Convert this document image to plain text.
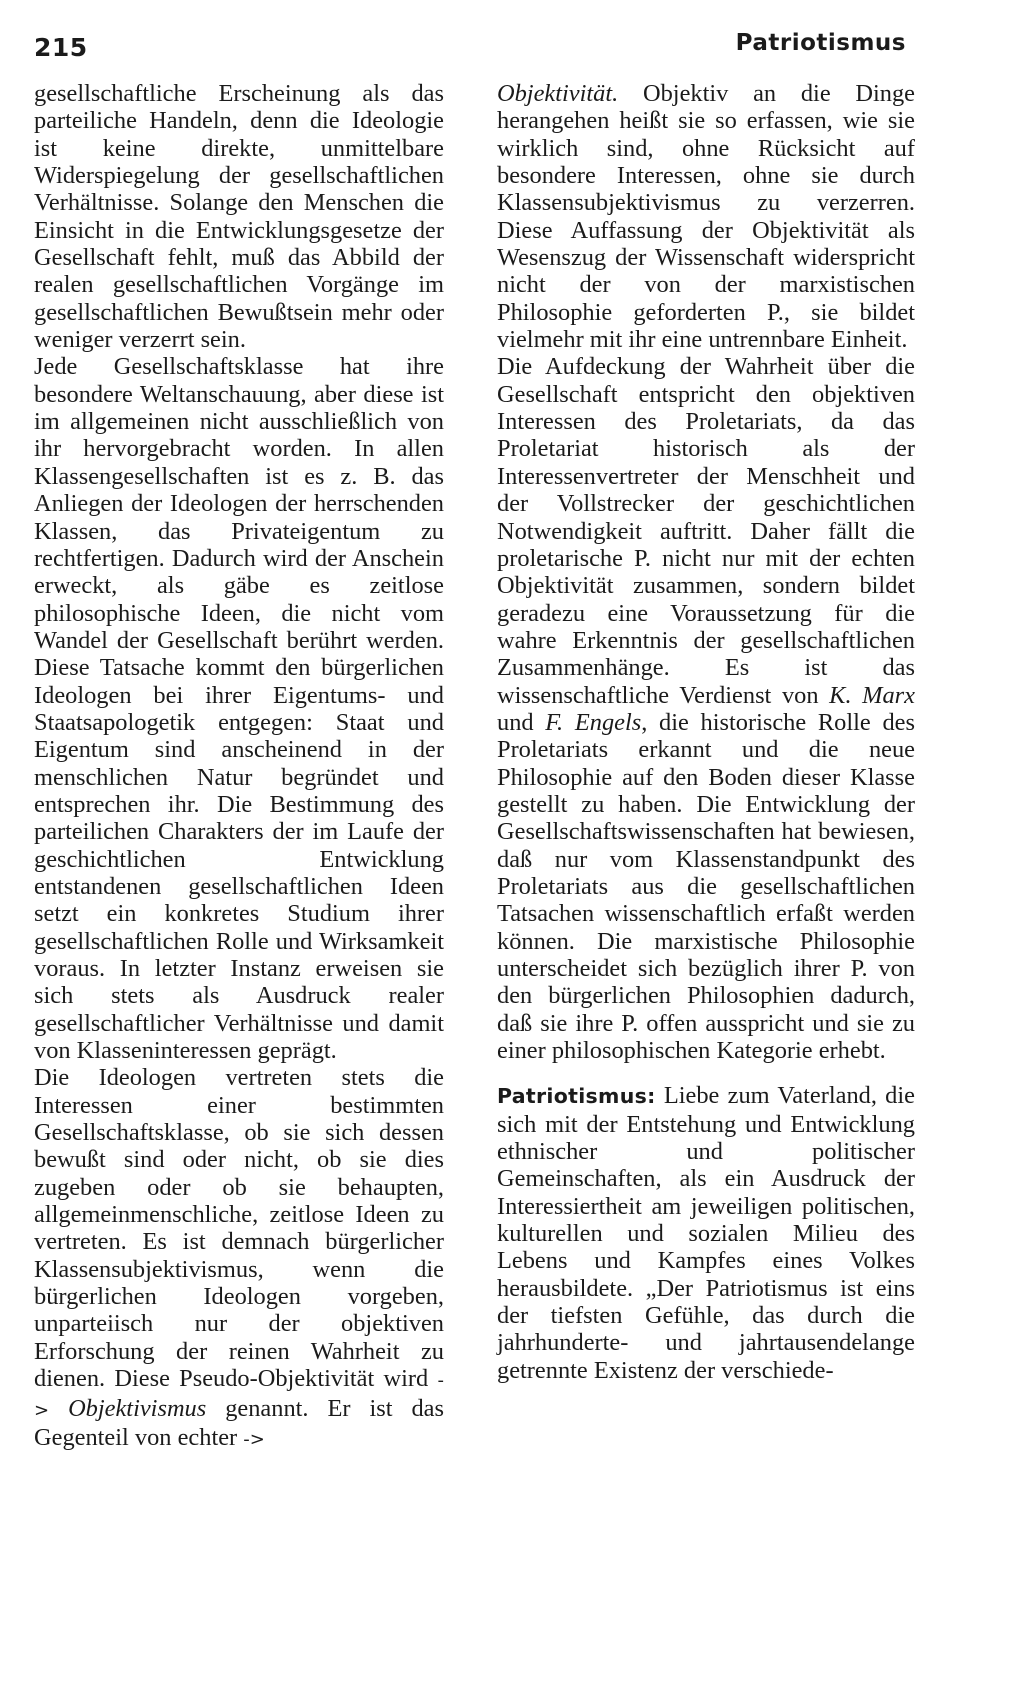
215	Patriotismus

gesellschaftliche Erscheinung als das parteiliche Handeln, denn die Ideologie ist keine direkte, unmittelbare Widerspiegelung der gesellschaftlichen Verhältnisse. Solange den Menschen die Einsicht in die Entwicklungsgesetze der Gesellschaft fehlt, muß das Abbild der realen gesellschaftlichen Vorgänge im gesellschaftlichen Bewußtsein mehr oder weniger verzerrt sein.

Jede Gesellschaftsklasse hat ihre besondere Weltanschauung, aber diese ist im allgemeinen nicht ausschließlich von ihr hervorgebracht worden. In allen Klassengesellschaften ist es z. B. das Anliegen der Ideologen der herrschenden Klassen, das Privateigentum zu rechtfertigen. Dadurch wird der Anschein erweckt, als gäbe es zeitlose philosophische Ideen, die nicht vom Wandel der Gesellschaft berührt werden. Diese Tatsache kommt den bürgerlichen Ideologen bei ihrer Eigentums- und Staatsapologetik entgegen: Staat und Eigentum sind anscheinend in der menschlichen Natur begründet und entsprechen ihr. Die Bestimmung des parteilichen Charakters der im Laufe der geschichtlichen Entwicklung entstandenen gesellschaftlichen Ideen setzt ein konkretes Studium ihrer gesellschaftlichen Rolle und Wirksamkeit voraus. In letzter Instanz erweisen sie sich stets als Ausdruck realer gesellschaftlicher Verhältnisse und damit von Klasseninteressen geprägt.

Die Ideologen vertreten stets die Interessen einer bestimmten Gesellschaftsklasse, ob sie sich dessen bewußt sind oder nicht, ob sie dies zugeben oder ob sie behaupten, allgemeinmenschliche, zeitlose Ideen zu vertreten. Es ist demnach bürgerlicher Klassensubjektivismus, wenn die bürgerlichen Ideologen vorgeben, unparteiisch nur der objektiven Erforschung der reinen Wahrheit zu dienen. Diese Pseudo-Objektivität wird -> Objektivismus genannt. Er ist das Gegenteil von echter ->

Objektivität. Objektiv an die Dinge herangehen heißt sie so erfassen, wie sie wirklich sind, ohne Rücksicht auf besondere Interessen, ohne sie durch Klassensubjektivismus zu verzerren. Diese Auffassung der Objektivität als Wesenszug der Wissenschaft widerspricht nicht der von der marxistischen Philosophie geforderten P., sie bildet vielmehr mit ihr eine untrennbare Einheit.

Die Aufdeckung der Wahrheit über die Gesellschaft entspricht den objektiven Interessen des Proletariats, da das Proletariat historisch als der Interessenvertreter der Menschheit und der Vollstrecker der geschichtlichen Notwendigkeit auftritt. Daher fällt die proletarische P. nicht nur mit der echten Objektivität zusammen, sondern bildet geradezu eine Voraussetzung für die wahre Erkenntnis der gesellschaftlichen Zusammenhänge. Es ist das wissenschaftliche Verdienst von K. Marx und F. Engels, die historische Rolle des Proletariats erkannt und die neue Philosophie auf den Boden dieser Klasse gestellt zu haben. Die Entwicklung der Gesellschaftswissenschaften hat bewiesen, daß nur vom Klassenstandpunkt des Proletariats aus die gesellschaftlichen Tatsachen wissenschaftlich erfaßt werden können. Die marxistische Philosophie unterscheidet sich bezüglich ihrer P. von den bürgerlichen Philosophien dadurch, daß sie ihre P. offen ausspricht und sie zu einer philosophischen Kategorie erhebt.

Patriotismus: Liebe zum Vaterland, die sich mit der Entstehung und Entwicklung ethnischer und politischer Gemeinschaften, als ein Ausdruck der Interessiertheit am jeweiligen politischen, kulturellen und sozialen Milieu des Lebens und Kampfes eines Volkes herausbildete. „Der Patriotismus ist eins der tiefsten Gefühle, das durch die jahrhunderte- und jahrtausendelange getrennte Existenz der verschiede-
